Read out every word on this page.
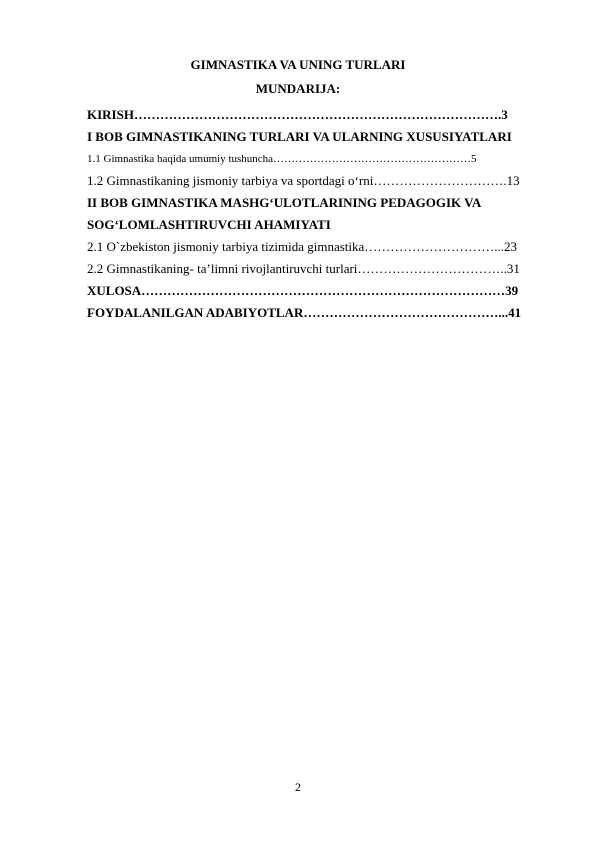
GIMNASTIKA VA UNING TURLARI
MUNDARIJA:
KIRISH………………………………………………………………………….3
I BOB GIMNASTIKANING TURLARI VA ULARNING XUSUSIYATLARI
1.1 Gimnastika haqida umumiy tushuncha………………………………………………5
1.2 Gimnastikaning jismoniy tarbiya va sportdagi o‘rni………………………….13
II BOB GIMNASTIKA MASHG‘ULOTLARINING PEDAGOGIK VA
SOG‘LOMLASHTIRUVCHI AHAMIYATI
2.1 O`zbekiston jismoniy tarbiya tizimida gimnastika…………………………...23
2.2 Gimnastikaning- ta’limni rivojlantiruvchi turlari……………………………..31
XULOSA…………………………………………………………………………39
FOYDALANILGAN ADABIYOTLAR………………………………………...41
2
